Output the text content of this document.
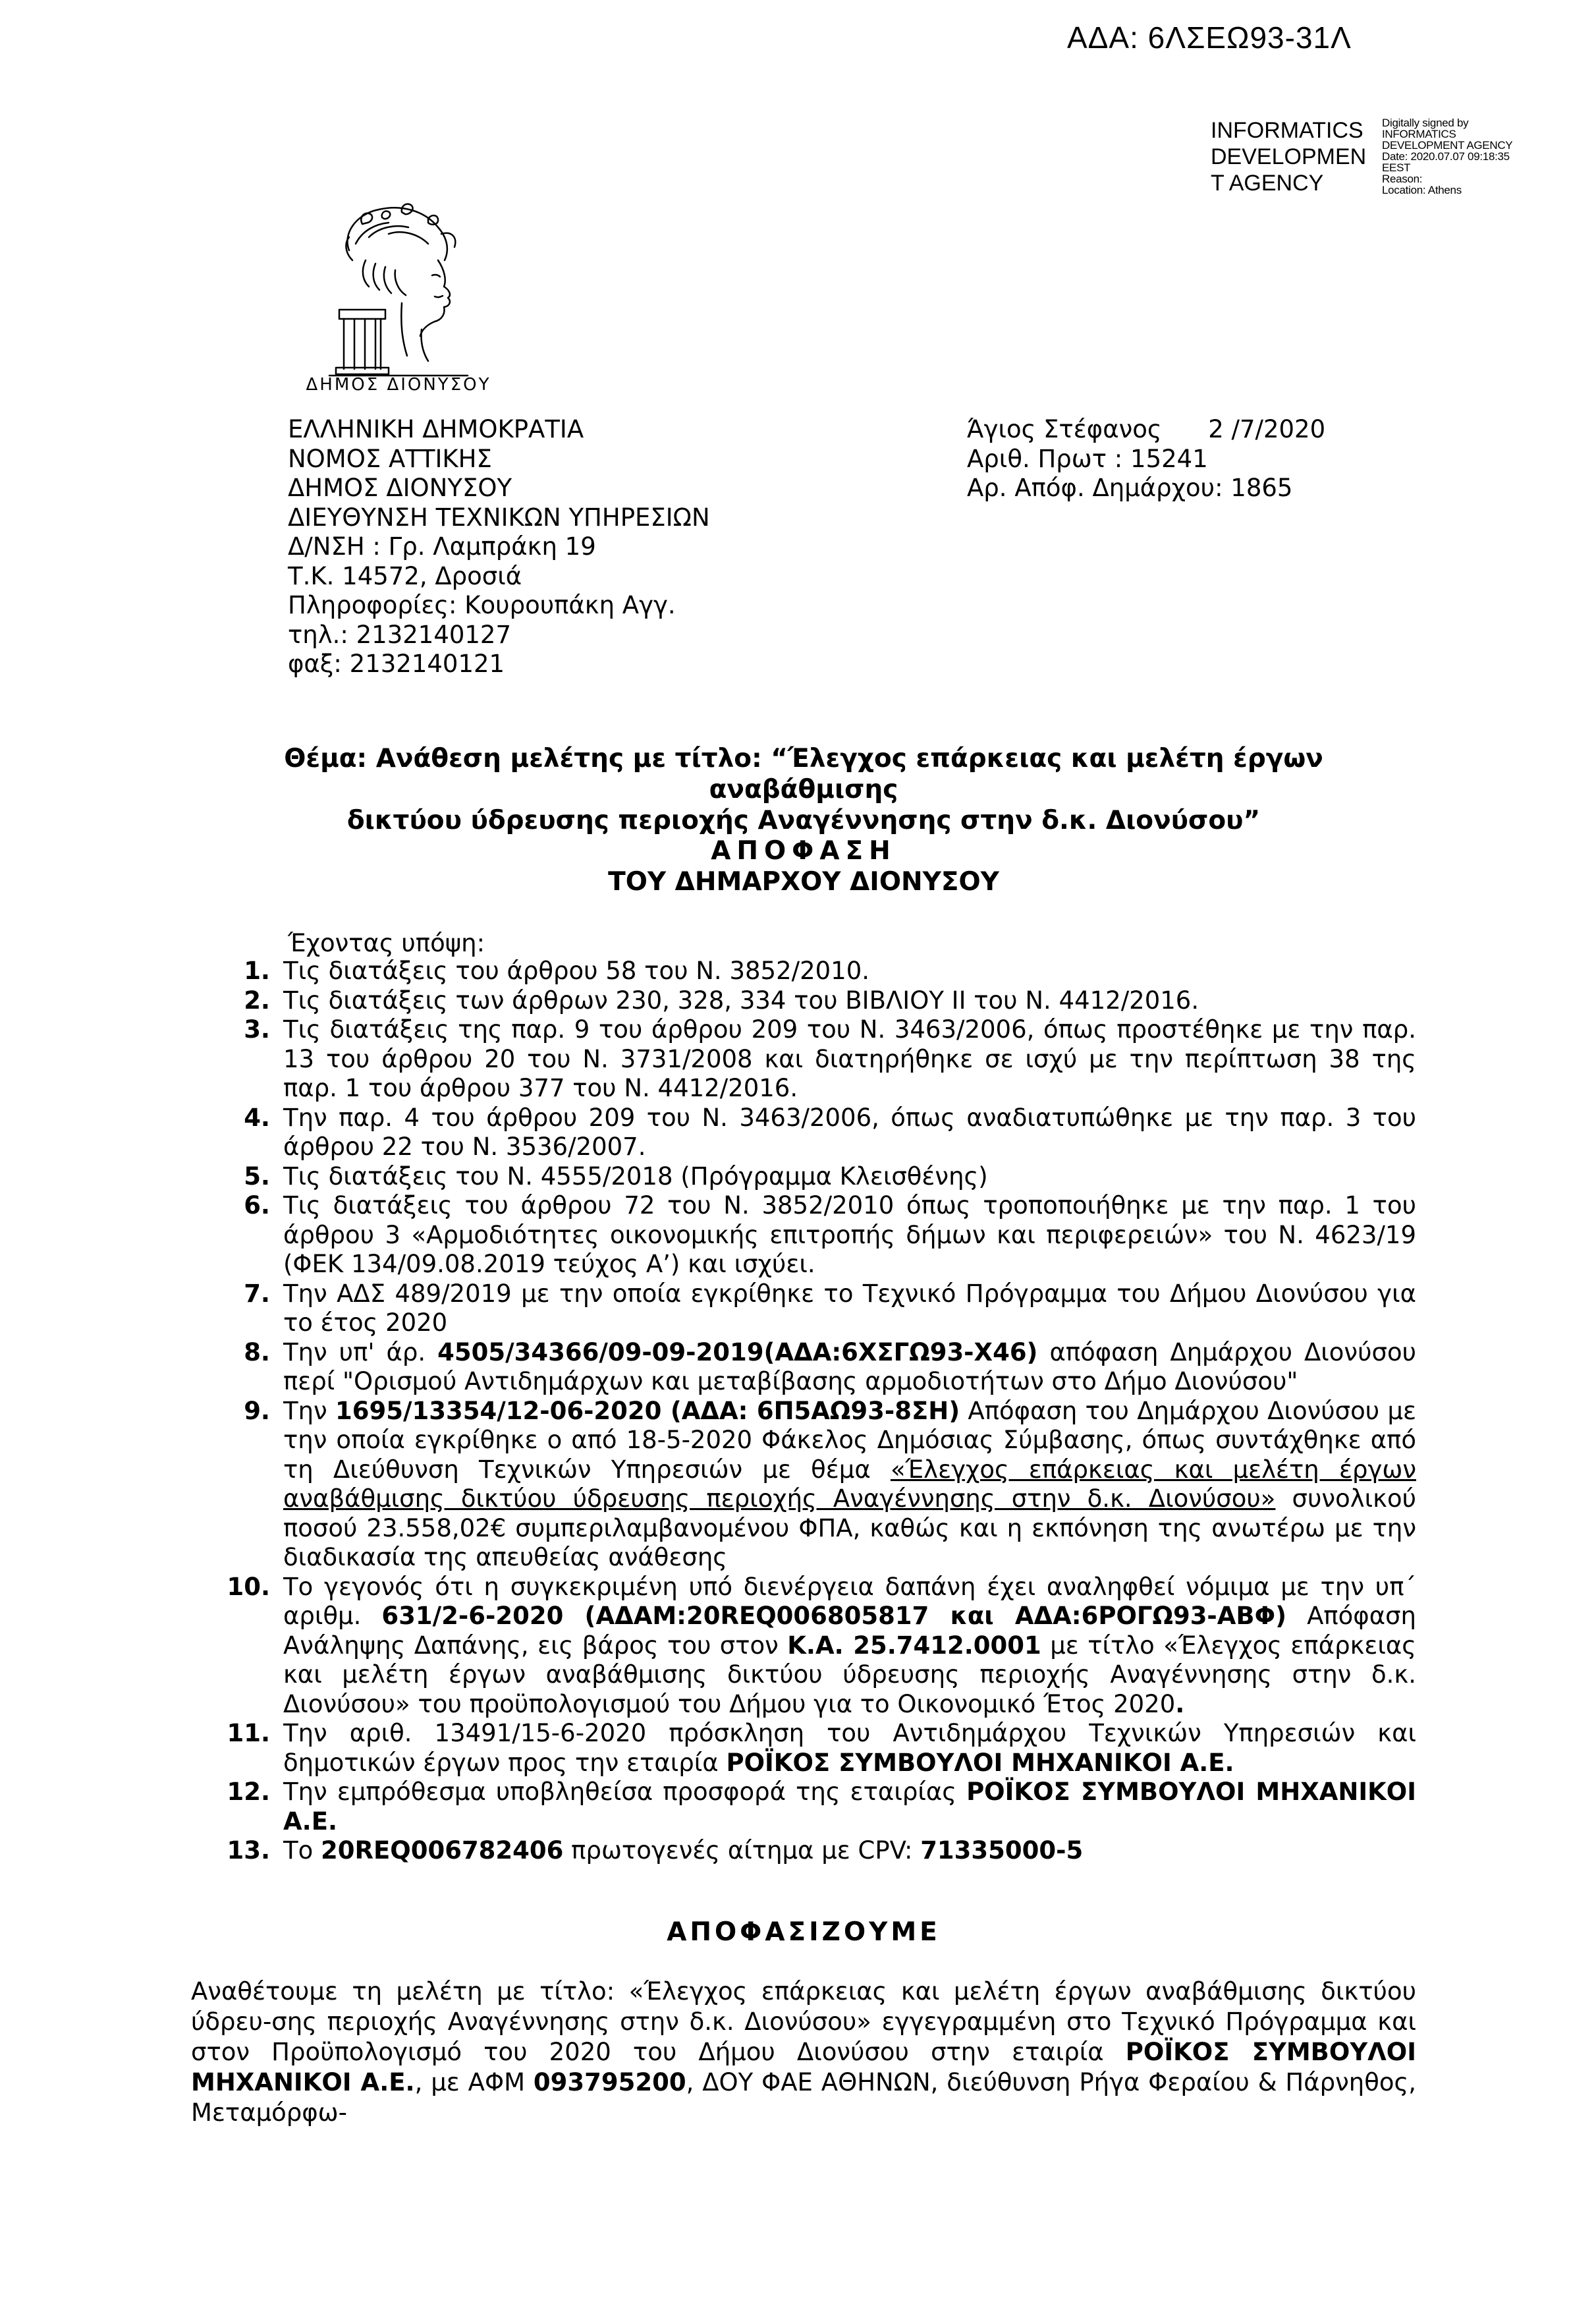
ΑΔΑ: 6ΛΣΕΩ93-31Λ
INFORMATICS
DEVELOPMEN
T AGENCY
Digitally signed by
INFORMATICS
DEVELOPMENT AGENCY
Date: 2020.07.07 09:18:35
EEST
Reason:
Location: Athens
ΔΗΜΟΣ ΔΙΟΝΥΣΟΥ
ΕΛΛΗΝΙΚΗ ΔΗΜΟΚΡΑΤΙΑ
ΝΟΜΟΣ ΑΤΤΙΚΗΣ
ΔΗΜΟΣ ΔΙΟΝΥΣΟΥ
ΔΙΕΥΘΥΝΣΗ ΤΕΧΝΙΚΩΝ ΥΠΗΡΕΣΙΩΝ
Δ/ΝΣΗ : Γρ. Λαμπράκη 19
Τ.Κ. 14572, Δροσιά
Πληροφορίες: Κουρουπάκη Αγγ.
τηλ.: 2132140127
φαξ: 2132140121
Άγιος Στέφανος      2 /7/2020
Αριθ. Πρωτ : 15241
Αρ. Απόφ. Δημάρχου: 1865
Θέμα: Ανάθεση μελέτης με τίτλο: “Έλεγχος επάρκειας και μελέτη έργων αναβάθμισης
δικτύου ύδρευσης περιοχής Αναγέννησης στην δ.κ. Διονύσου”
ΑΠΟΦΑΣΗ
ΤΟΥ ΔΗΜΑΡΧΟΥ ΔΙΟΝΥΣΟΥ
Έχοντας υπόψη:
1. Τις διατάξεις του άρθρου 58 του Ν. 3852/2010.
2. Τις διατάξεις των άρθρων 230, 328, 334 του ΒΙΒΛΙΟΥ ΙΙ του Ν. 4412/2016.
3. Τις διατάξεις της παρ. 9 του άρθρου 209 του Ν. 3463/2006, όπως προστέθηκε με την παρ. 13 του άρθρου 20 του Ν. 3731/2008 και διατηρήθηκε σε ισχύ με την περίπτωση 38 της παρ. 1 του άρθρου 377 του Ν. 4412/2016.
4. Την παρ. 4 του άρθρου 209 του Ν. 3463/2006, όπως αναδιατυπώθηκε με την παρ. 3 του άρθρου 22 του Ν. 3536/2007.
5. Τις διατάξεις του Ν. 4555/2018 (Πρόγραμμα Κλεισθένης)
6. Τις διατάξεις του άρθρου 72 του Ν. 3852/2010 όπως τροποποιήθηκε με την παρ. 1 του άρθρου 3 «Αρμοδιότητες οικονομικής επιτροπής δήμων και περιφερειών» του Ν. 4623/19 (ΦΕΚ 134/09.08.2019 τεύχος Α’) και ισχύει.
7. Την ΑΔΣ 489/2019 με την οποία εγκρίθηκε το Τεχνικό Πρόγραμμα του Δήμου Διονύσου για το έτος 2020
8. Την υπ' άρ. 4505/34366/09-09-2019(ΑΔΑ:6ΧΣΓΩ93-Χ46) απόφαση Δημάρχου Διονύσου περί "Ορισμού Αντιδημάρχων και μεταβίβασης αρμοδιοτήτων στο Δήμο Διονύσου"
9. Την 1695/13354/12-06-2020 (ΑΔΑ: 6Π5ΑΩ93-8ΣΗ) Απόφαση του Δημάρχου Διονύσου με την οποία εγκρίθηκε ο από 18-5-2020 Φάκελος Δημόσιας Σύμβασης, όπως συντάχθηκε από τη Διεύθυνση Τεχνικών Υπηρεσιών με θέμα «Έλεγχος επάρκειας και μελέτη έργων αναβάθμισης δικτύου ύδρευσης περιοχής Αναγέννησης στην δ.κ. Διονύσου» συνολικού ποσού 23.558,02€ συμπεριλαμβανομένου ΦΠΑ, καθώς και η εκπόνηση της ανωτέρω με την διαδικασία της απευθείας ανάθεσης
10. Το γεγονός ότι η συγκεκριμένη υπό διενέργεια δαπάνη έχει αναληφθεί νόμιμα με την υπ΄ αριθμ. 631/2-6-2020 (ΑΔΑΜ:20REQ006805817 και ΑΔΑ:6ΡΟΓΩ93-ΑΒΦ) Απόφαση Ανάληψης Δαπάνης, εις βάρος του στον Κ.Α. 25.7412.0001 με τίτλο «Έλεγχος επάρκειας και μελέτη έργων αναβάθμισης δικτύου ύδρευσης περιοχής Αναγέννησης στην δ.κ. Διονύσου» του προϋπολογισμού του Δήμου για το Οικονομικό Έτος 2020.
11. Την αριθ. 13491/15-6-2020 πρόσκληση του Αντιδημάρχου Τεχνικών Υπηρεσιών και δημοτικών έργων προς την εταιρία ΡΟΪΚΟΣ ΣΥΜΒΟΥΛΟΙ ΜΗΧΑΝΙΚΟΙ Α.Ε.
12. Την εμπρόθεσμα υποβληθείσα προσφορά της εταιρίας ΡΟΪΚΟΣ ΣΥΜΒΟΥΛΟΙ ΜΗΧΑΝΙΚΟΙ Α.Ε.
13. Το 20REQ006782406 πρωτογενές αίτημα με CPV: 71335000-5
ΑΠΟΦΑΣΙΖΟΥΜΕ
Αναθέτουμε τη μελέτη με τίτλο: «Έλεγχος επάρκειας και μελέτη έργων αναβάθμισης δικτύου ύδρευ-σης περιοχής Αναγέννησης στην δ.κ. Διονύσου» εγγεγραμμένη στο Τεχνικό Πρόγραμμα και στον Προϋπολογισμό του 2020 του Δήμου Διονύσου στην εταιρία ΡΟΪΚΟΣ ΣΥΜΒΟΥΛΟΙ ΜΗΧΑΝΙΚΟΙ Α.Ε., με ΑΦΜ 093795200, ΔΟΥ ΦΑΕ ΑΘΗΝΩΝ, διεύθυνση Ρήγα Φεραίου & Πάρνηθος, Μεταμόρφω-
